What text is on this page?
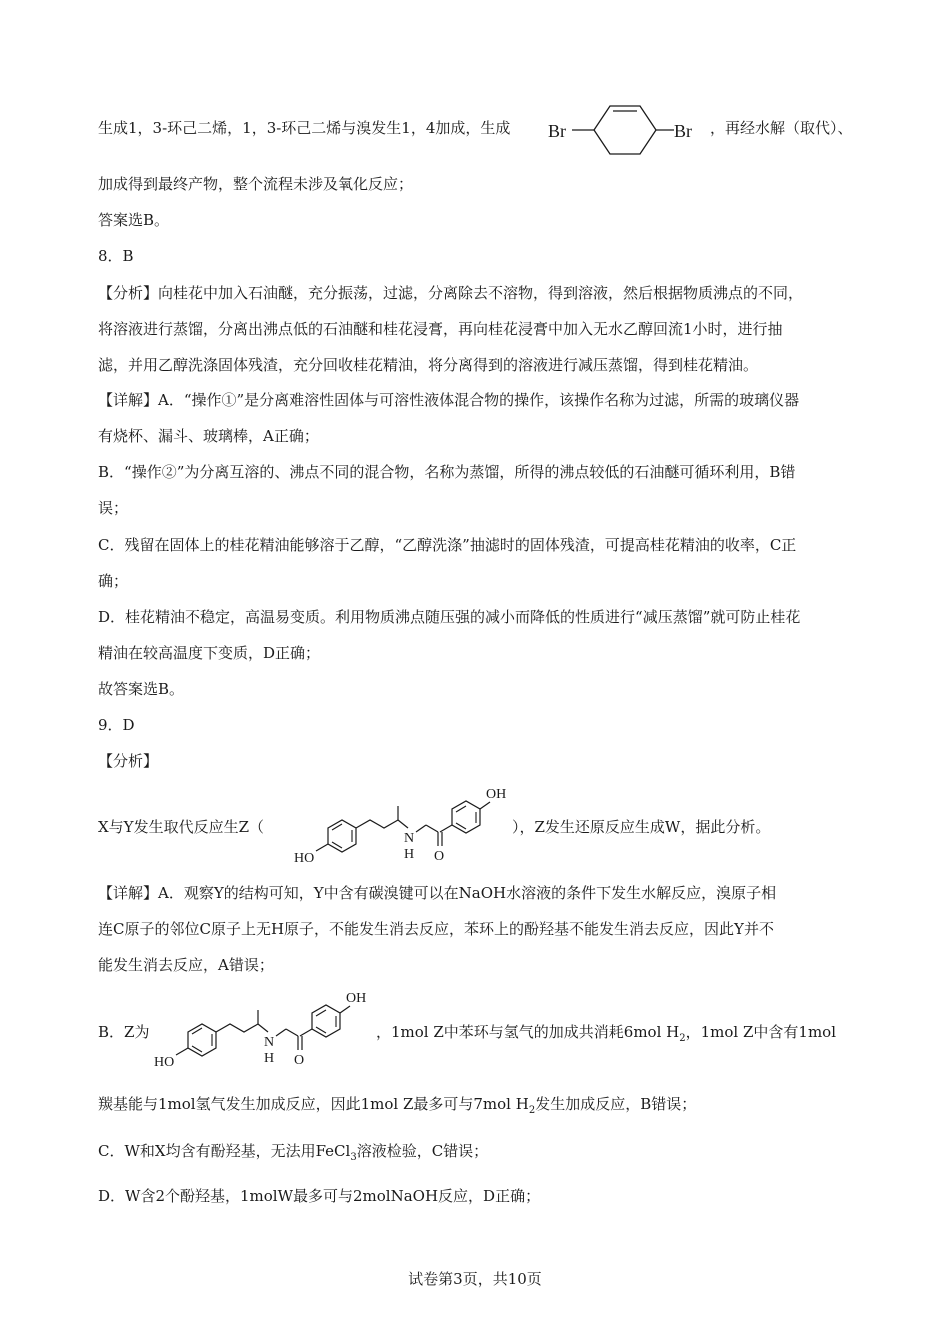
生成1，3-环己二烯，1，3-环己二烯与溴发生1，4加成，生成	Br	Br ，再经水解（取代）、
加成得到最终产物，整个流程未涉及氧化反应；
答案选B。
8．B
【分析】向桂花中加入石油醚，充分振荡，过滤，分离除去不溶物，得到溶液，然后根据物质沸点的不同，
将溶液进行蒸馏，分离出沸点低的石油醚和桂花浸膏，再向桂花浸膏中加入无水乙醇回流1小时，进行抽
滤，并用乙醇洗涤固体残渣，充分回收桂花精油，将分离得到的溶液进行减压蒸馏，得到桂花精油。
【详解】A．“操作①”是分离难溶性固体与可溶性液体混合物的操作，该操作名称为过滤，所需的玻璃仪器
有烧杯、漏斗、玻璃棒，A正确；
B．“操作②”为分离互溶的、沸点不同的混合物，名称为蒸馏，所得的沸点较低的石油醚可循环利用，B错
误；
C．残留在固体上的桂花精油能够溶于乙醇，“乙醇洗涤”抽滤时的固体残渣，可提高桂花精油的收率，C正
确；
D．桂花精油不稳定，高温易变质。利用物质沸点随压强的减小而降低的性质进行“减压蒸馏”就可防止桂花
精油在较高温度下变质，D正确；
故答案选B。
9．D
【分析】
X与Y发生取代反应生Z（
HO
N
H O
OH
），Z发生还原反应生成W，据此分析。
【详解】A．观察Y的结构可知，Y中含有碳溴键可以在NaOH水溶液的条件下发生水解反应，溴原子相
连C原子的邻位C原子上无H原子，不能发生消去反应，苯环上的酚羟基不能发生消去反应，因此Y并不
能发生消去反应，A错误；
B．Z为
HO
N
H O
OH
，1mol Z中苯环与氢气的加成共消耗6mol $H_2$，1mol Z中含有1mol
羰基能与1mol氢气发生加成反应，因此1mol Z最多可与7mol $H_2$发生加成反应，B错误；
C．W和X均含有酚羟基，无法用FeCl$_3$溶液检验，C错误；
D．W含2个酚羟基，1molW最多可与2molNaOH反应，D正确；
试卷第3页，共10页
